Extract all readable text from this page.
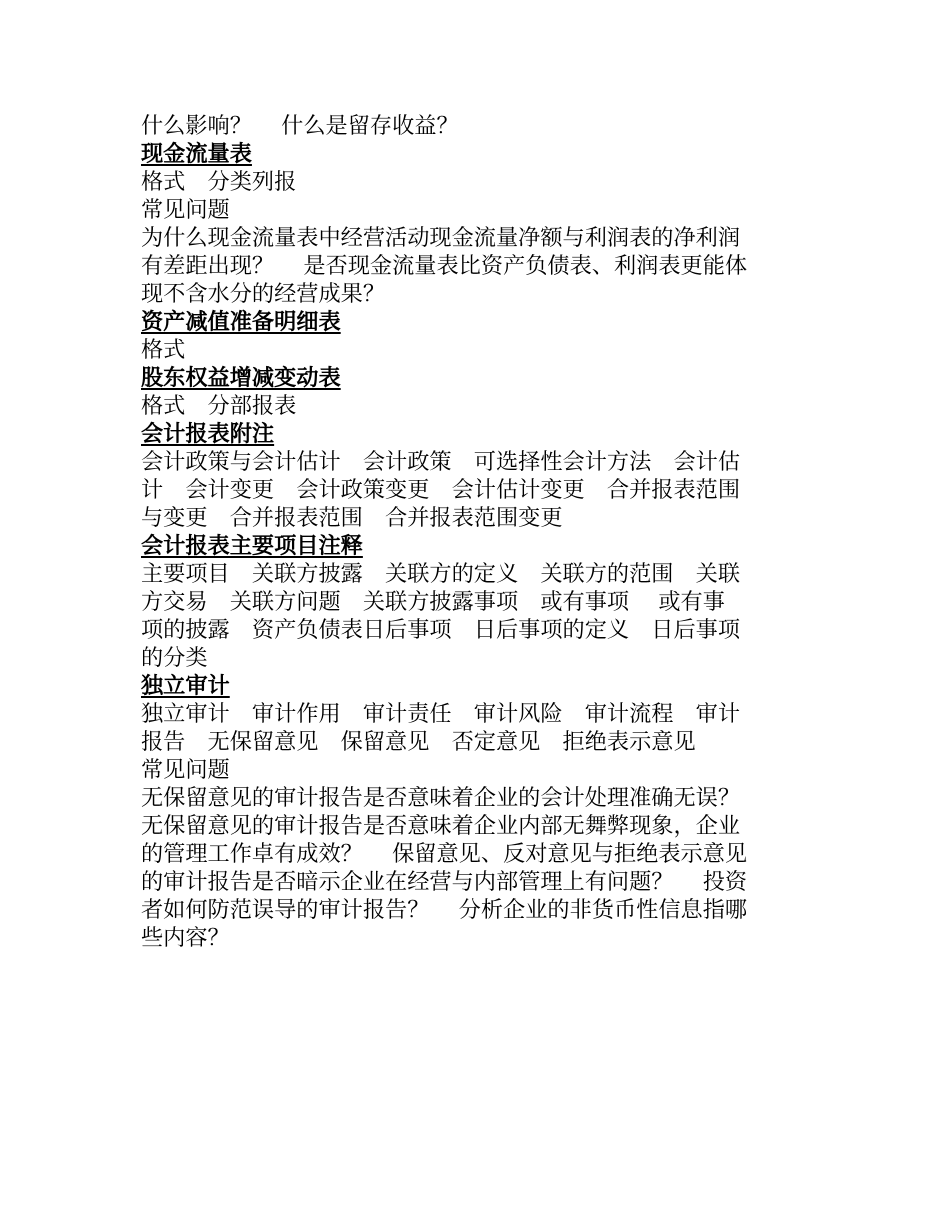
什么影响？　 什么是留存收益？
现金流量表
格式　分类列报
常见问题
为什么现金流量表中经营活动现金流量净额与利润表的净利润
有差距出现？　 是否现金流量表比资产负债表、利润表更能体
现不含水分的经营成果？
资产减值准备明细表
格式
股东权益增减变动表
格式　分部报表
会计报表附注
会计政策与会计估计　会计政策　可选择性会计方法　会计估
计　会计变更　会计政策变更　会计估计变更　合并报表范围
与变更　合并报表范围　合并报表范围变更
会计报表主要项目注释
主要项目　关联方披露　关联方的定义　关联方的范围　关联
方交易　关联方问题　关联方披露事项　或有事项　 或有事
项的披露　资产负债表日后事项　日后事项的定义　日后事项
的分类
独立审计
独立审计　审计作用　审计责任　审计风险　审计流程　审计
报告　无保留意见　保留意见　否定意见　拒绝表示意见
常见问题
无保留意见的审计报告是否意味着企业的会计处理准确无误？
无保留意见的审计报告是否意味着企业内部无舞弊现象，企业
的管理工作卓有成效？　 保留意见、反对意见与拒绝表示意见
的审计报告是否暗示企业在经营与内部管理上有问题？　 投资
者如何防范误导的审计报告？　 分析企业的非货币性信息指哪
些内容？
